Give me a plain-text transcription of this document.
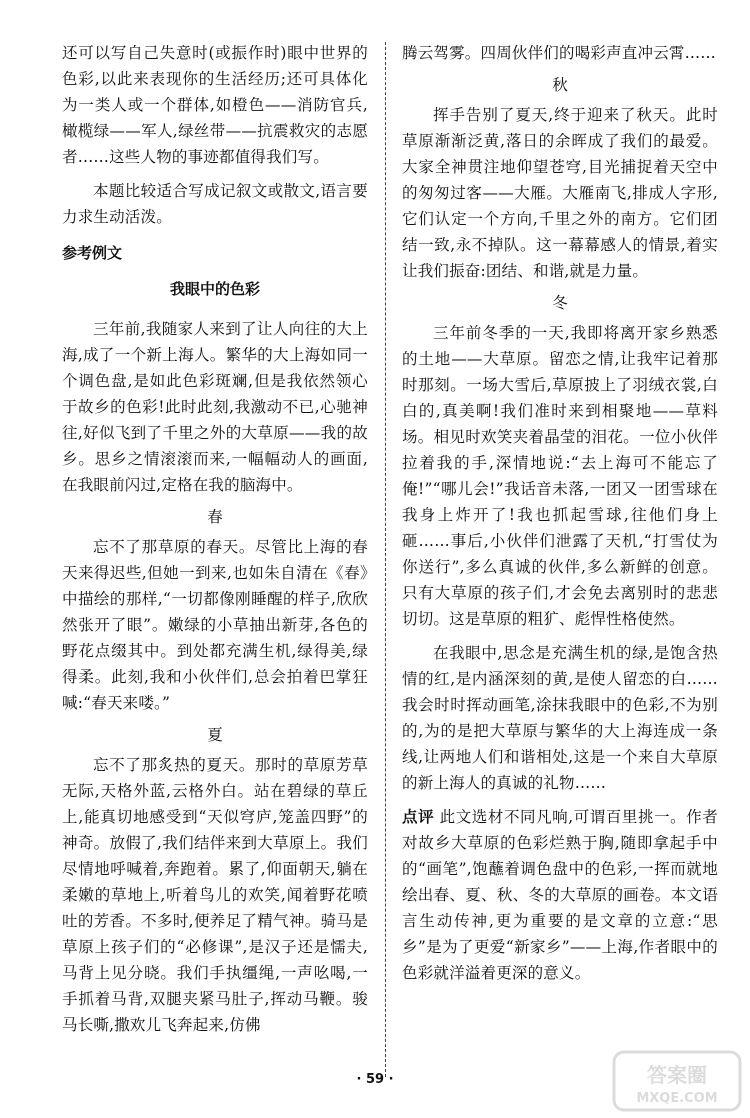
还可以写自己失意时(或振作时)眼中世界的色彩,以此来表现你的生活经历;还可具体化为一类人或一个群体,如橙色——消防官兵,橄榄绿——军人,绿丝带——抗震救灾的志愿者……这些人物的事迹都值得我们写。

本题比较适合写成记叙文或散文,语言要力求生动活泼。

参考例文
我眼中的色彩

三年前,我随家人来到了让人向往的大上海,成了一个新上海人。繁华的大上海如同一个调色盘,是如此色彩斑斓,但是我依然领心于故乡的色彩!此时此刻,我激动不已,心驰神往,好似飞到了千里之外的大草原——我的故乡。思乡之情滚滚而来,一幅幅动人的画面,在我眼前闪过,定格在我的脑海中。

春

忘不了那草原的春天。尽管比上海的春天来得迟些,但她一到来,也如朱自清在《春》中描绘的那样,“一切都像刚睡醒的样子,欣欣然张开了眼”。嫩绿的小草抽出新芽,各色的野花点缀其中。到处都充满生机,绿得美,绿得柔。此刻,我和小伙伴们,总会拍着巴掌狂喊:“春天来喽。”

夏

忘不了那炙热的夏天。那时的草原芳草无际,天格外蓝,云格外白。站在碧绿的草丘上,能真切地感受到“天似穹庐,笼盖四野”的神奇。放假了,我们结伴来到大草原上。我们尽情地呼喊着,奔跑着。累了,仰面朝天,躺在柔嫩的草地上,听着鸟儿的欢笑,闻着野花喷吐的芳香。不多时,便养足了精气神。骑马是草原上孩子们的“必修课”,是汉子还是懦夫,马背上见分晓。我们手执缰绳,一声吆喝,一手抓着马背,双腿夹紧马肚子,挥动马鞭。骏马长嘶,撒欢儿飞奔起来,仿佛

腾云驾雾。四周伙伴们的喝彩声直冲云霄……

秋

挥手告别了夏天,终于迎来了秋天。此时草原渐渐泛黄,落日的余晖成了我们的最爱。大家全神贯注地仰望苍穹,目光捕捉着天空中的匆匆过客——大雁。大雁南飞,排成人字形,它们认定一个方向,千里之外的南方。它们团结一致,永不掉队。这一幕幕感人的情景,着实让我们振奋:团结、和谐,就是力量。

冬

三年前冬季的一天,我即将离开家乡熟悉的土地——大草原。留恋之情,让我牢记着那时那刻。一场大雪后,草原披上了羽绒衣裳,白白的,真美啊!我们准时来到相聚地——草料场。相见时欢笑夹着晶莹的泪花。一位小伙伴拉着我的手,深情地说:“去上海可不能忘了俺!”“哪儿会!”我话音未落,一团又一团雪球在我身上炸开了!我也抓起雪球,往他们身上砸……事后,小伙伴们泄露了天机,“打雪仗为你送行”,多么真诚的伙伴,多么新鲜的创意。只有大草原的孩子们,才会免去离别时的悲悲切切。这是草原的粗犷、彪悍性格使然。

在我眼中,思念是充满生机的绿,是饱含热情的红,是内涵深刻的黄,是使人留恋的白……我会时时挥动画笔,涂抹我眼中的色彩,不为别的,为的是把大草原与繁华的大上海连成一条线,让两地人们和谐相处,这是一个来自大草原的新上海人的真诚的礼物……

点评 此文选材不同凡响,可谓百里挑一。作者对故乡大草原的色彩烂熟于胸,随即拿起手中的“画笔”,饱蘸着调色盘中的色彩,一挥而就地绘出春、夏、秋、冬的大草原的画卷。本文语言生动传神,更为重要的是文章的立意:“思乡”是为了更爱“新家乡”——上海,作者眼中的色彩就洋溢着更深的意义。

· 59 ·	答案圈
MXQE.COM
